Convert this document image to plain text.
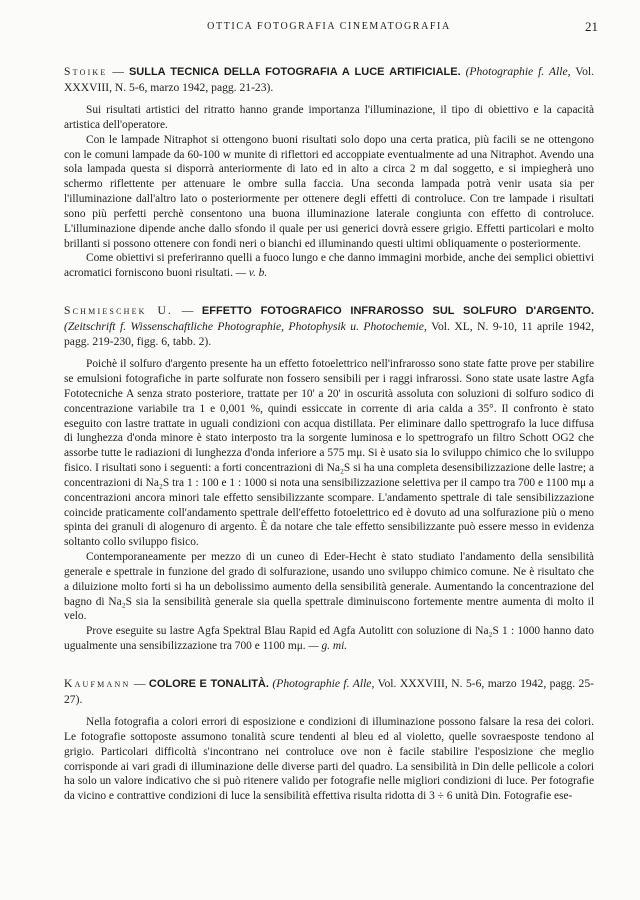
OTTICA FOTOGRAFIA CINEMATOGRAFIA	21
Stoike — SULLA TECNICA DELLA FOTOGRAFIA A LUCE ARTIFICIALE. (Photographie f. Alle, Vol. XXXVIII, N. 5-6, marzo 1942, pagg. 21-23).

Sui risultati artistici del ritratto hanno grande importanza l'illuminazione, il tipo di obiettivo e la capacità artistica dell'operatore.

Con le lampade Nitraphot si ottengono buoni risultati solo dopo una certa pratica, più facili se ne ottengono con le comuni lampade da 60-100 w munite di riflettori ed accoppiate eventualmente ad una Nitraphot. Avendo una sola lampada questa si disporrà anteriormente di lato ed in alto a circa 2 m dal soggetto, e si impiegherà uno schermo riflettente per attenuare le ombre sulla faccia. Una seconda lampada potrà venir usata sia per l'illuminazione dall'altro lato o posteriormente per ottenere degli effetti di controluce. Con tre lampade i risultati sono più perfetti perchè consentono una buona illuminazione laterale congiunta con effetto di controluce. L'illuminazione dipende anche dallo sfondo il quale per usi generici dovrà essere grigio. Effetti particolari e molto brillanti si possono ottenere con fondi neri o bianchi ed illuminando questi ultimi obliquamente o posteriormente.

Come obiettivi si preferiranno quelli a fuoco lungo e che danno immagini morbide, anche dei semplici obiettivi acromatici forniscono buoni risultati. — v. b.

Schmieschek U. — EFFETTO FOTOGRAFICO INFRAROSSO SUL SOLFURO D'ARGENTO. (Zeitschrift f. Wissenschaftliche Photographie, Photophysik u. Photochemie, Vol. XL, N. 9-10, 11 aprile 1942, pagg. 219-230, figg. 6, tabb. 2).

Poichè il solfuro d'argento presente ha un effetto fotoelettrico nell'infrarosso sono state fatte prove per stabilire se emulsioni fotografiche in parte solfurate non fossero sensibili per i raggi infrarossi. Sono state usate lastre Agfa Fototecniche A senza strato posteriore, trattate per 10' a 20' in oscurità assoluta con soluzioni di solfuro sodico di concentrazione variabile tra 1 e 0,001 %, quindi essiccate in corrente di aria calda a 35°. Il confronto è stato eseguito con lastre trattate in uguali condizioni con acqua distillata. Per eliminare dallo spettrografo la luce diffusa di lunghezza d'onda minore è stato interposto tra la sorgente luminosa e lo spettrografo un filtro Schott OG2 che assorbe tutte le radiazioni di lunghezza d'onda inferiore a 575 mμ. Si è usato sia lo sviluppo chimico che lo sviluppo fisico. I risultati sono i seguenti: a forti concentrazioni di Na₂S si ha una completa desensibilizzazione delle lastre; a concentrazioni di Na₂S tra 1 : 100 e 1 : 1000 si nota una sensibilizzazione selettiva per il campo tra 700 e 1100 mμ a concentrazioni ancora minori tale effetto sensibilizzante scompare. L'andamento spettrale di tale sensibilizzazione coincide praticamente coll'andamento spettrale dell'effetto fotoelettrico ed è dovuto ad una solfurazione più o meno spinta dei granuli di alogenuro di argento. È da notare che tale effetto sensibilizzante può essere messo in evidenza soltanto collo sviluppo fisico.

Contemporaneamente per mezzo di un cuneo di Eder-Hecht è stato studiato l'andamento della sensibilità generale e spettrale in funzione del grado di solfurazione, usando uno sviluppo chimico comune. Ne è risultato che a diluizione molto forti si ha un debolissimo aumento della sensibilità generale. Aumentando la concentrazione del bagno di Na₂S sia la sensibilità generale sia quella spettrale diminuiscono fortemente mentre aumenta di molto il velo.

Prove eseguite su lastre Agfa Spektral Blau Rapid ed Agfa Autolitt con soluzione di Na₂S 1 : 1000 hanno dato ugualmente una sensibilizzazione tra 700 e 1100 mμ. — g. mi.

Kaufmann — COLORE E TONALITÀ. (Photographie f. Alle, Vol. XXXVIII, N. 5-6, marzo 1942, pagg. 25-27).

Nella fotografia a colori errori di esposizione e condizioni di illuminazione possono falsare la resa dei colori. Le fotografie sottoposte assumono tonalità scure tendenti al bleu ed al violetto, quelle sovraesposte tendono al grigio. Particolari difficoltà s'incontrano nei controluce ove non è facile stabilire l'esposizione che meglio corrisponde ai vari gradi di illuminazione delle diverse parti del quadro. La sensibilità in Din delle pellicole a colori ha solo un valore indicativo che si può ritenere valido per fotografie nelle migliori condizioni di luce. Per fotografie da vicino e contrattive condizioni di luce la sensibilità effettiva risulta ridotta di 3 ÷ 6 unità Din. Fotografie ese-
